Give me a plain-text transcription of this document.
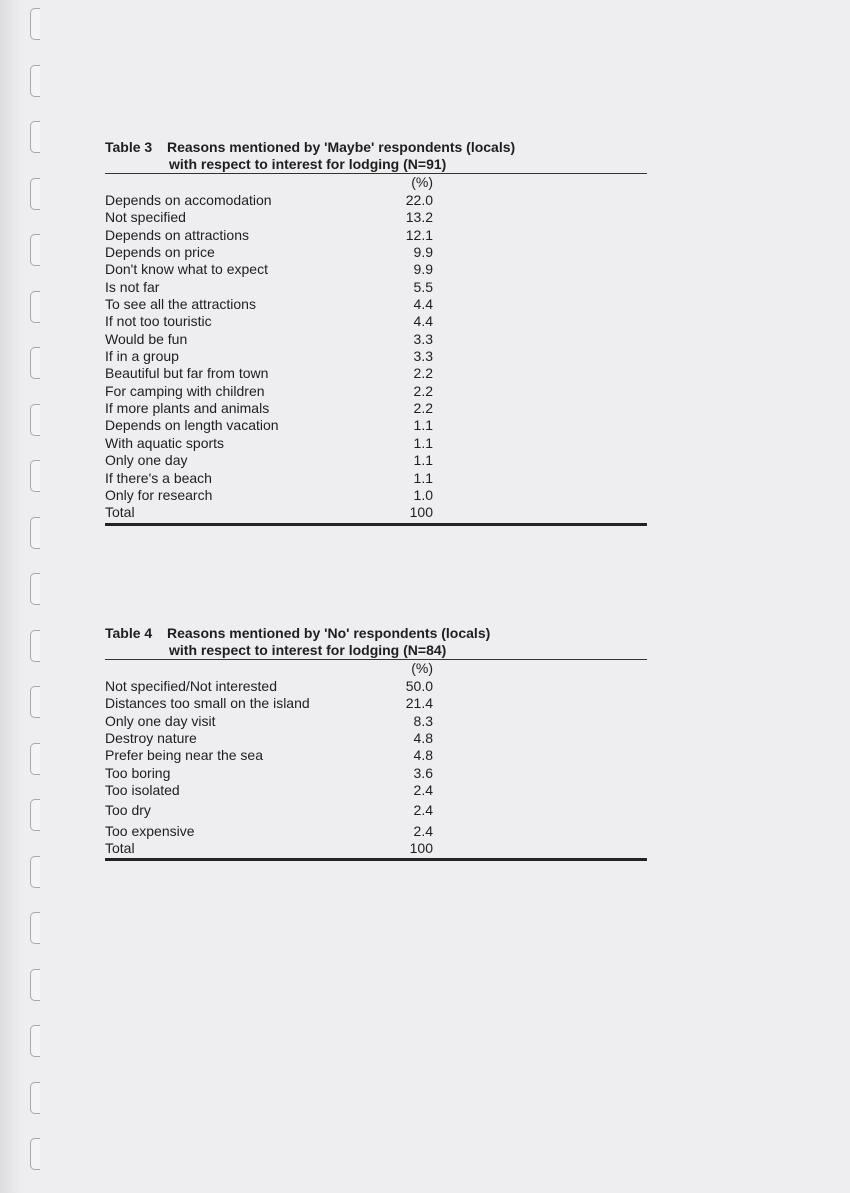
Table 3 Reasons mentioned by 'Maybe' respondents (locals)
with respect to interest for lodging (N=91)
(%)
Depends on accomodation	22.0
Not specified	13.2
Depends on attractions	12.1
Depends on price	9.9
Don't know what to expect	9.9
Is not far	5.5
To see all the attractions	4.4
If not too touristic	4.4
Would be fun	3.3
If in a group	3.3
Beautiful but far from town	2.2
For camping with children	2.2
If more plants and animals	2.2
Depends on length vacation	1.1
With aquatic sports	1.1
Only one day	1.1
If there's a beach	1.1
Only for research	1.0
Total	100
Table 4 Reasons mentioned by 'No' respondents (locals)
with respect to interest for lodging (N=84)
(%)
Not specified/Not interested	50.0
Distances too small on the island	21.4
Only one day visit	8.3
Destroy nature	4.8
Prefer being near the sea	4.8
Too boring	3.6
Too isolated	2.4
Too dry	2.4
Too expensive	2.4
Total	100
